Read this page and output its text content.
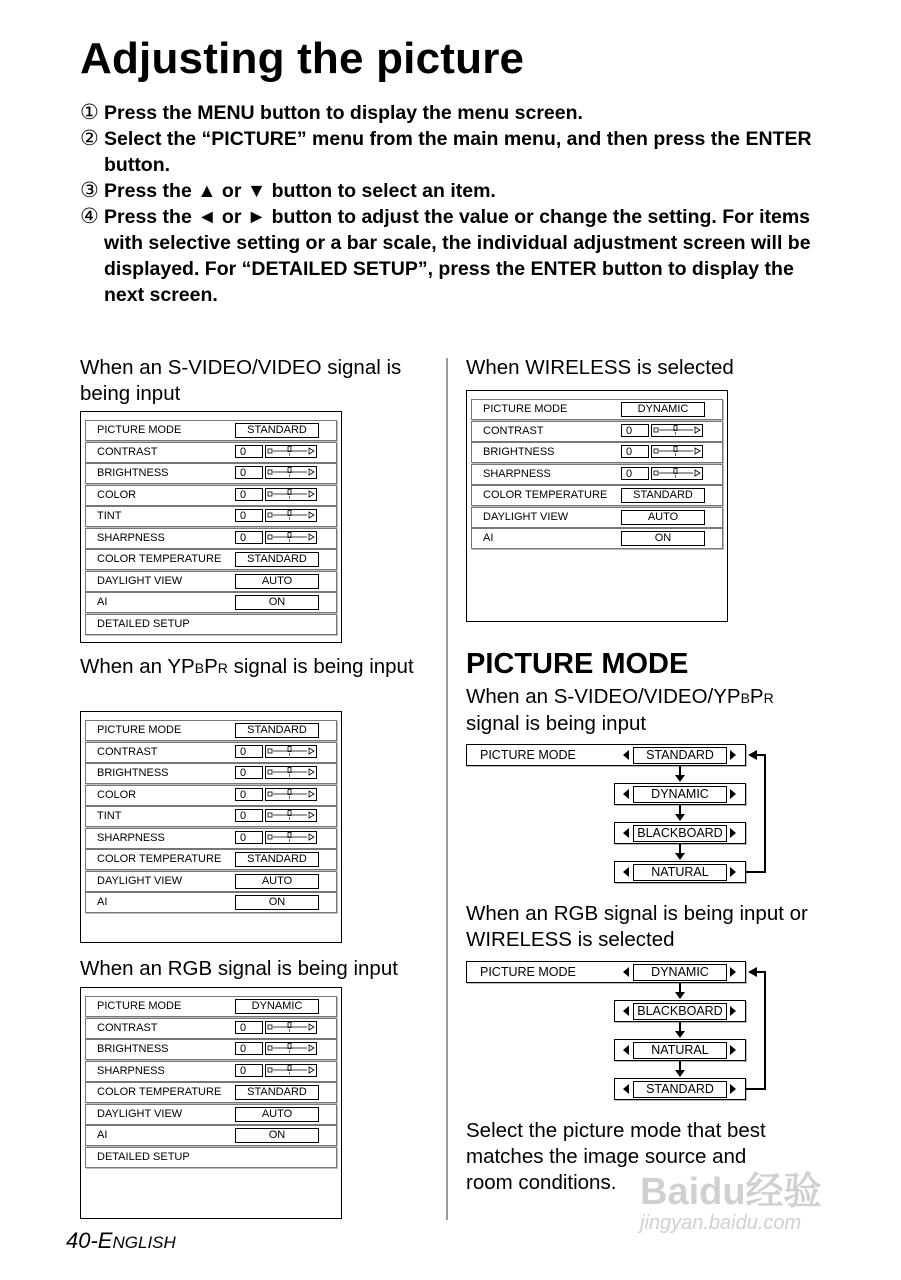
Adjusting the picture
① Press the MENU button to display the menu screen.
② Select the “PICTURE” menu from the main menu, and then press the ENTER button.
③ Press the ▲ or ▼ button to select an item.
④ Press the ◄ or ► button to adjust the value or change the setting. For items with selective setting or a bar scale, the individual adjustment screen will be displayed. For “DETAILED SETUP”, press the ENTER button to display the next screen.
When an S-VIDEO/VIDEO signal is being input
When an YPBPR signal is being input
When an RGB signal is being input
When WIRELESS is selected
PICTURE MODE	STANDARD
CONTRAST	0
BRIGHTNESS	0
COLOR	0
TINT	0
SHARPNESS	0
COLOR TEMPERATURE	STANDARD
DAYLIGHT VIEW	AUTO
AI	ON
DETAILED SETUP
PICTURE MODE	STANDARD
CONTRAST	0
BRIGHTNESS	0
COLOR	0
TINT	0
SHARPNESS	0
COLOR TEMPERATURE	STANDARD
DAYLIGHT VIEW	AUTO
AI	ON
PICTURE MODE	DYNAMIC
CONTRAST	0
BRIGHTNESS	0
SHARPNESS	0
COLOR TEMPERATURE	STANDARD
DAYLIGHT VIEW	AUTO
AI	ON
DETAILED SETUP
PICTURE MODE	DYNAMIC
CONTRAST	0
BRIGHTNESS	0
SHARPNESS	0
COLOR TEMPERATURE	STANDARD
DAYLIGHT VIEW	AUTO
AI	ON
PICTURE MODE
When an S-VIDEO/VIDEO/YPBPR
signal is being input
PICTURE MODE	STANDARD
DYNAMIC
BLACKBOARD
NATURAL
When an RGB signal is being input or WIRELESS is selected
PICTURE MODE	DYNAMIC
BLACKBOARD
NATURAL
STANDARD
Select the picture mode that best matches the image source and room conditions.
40-ENGLISH
Baidu经验
jingyan.baidu.com
